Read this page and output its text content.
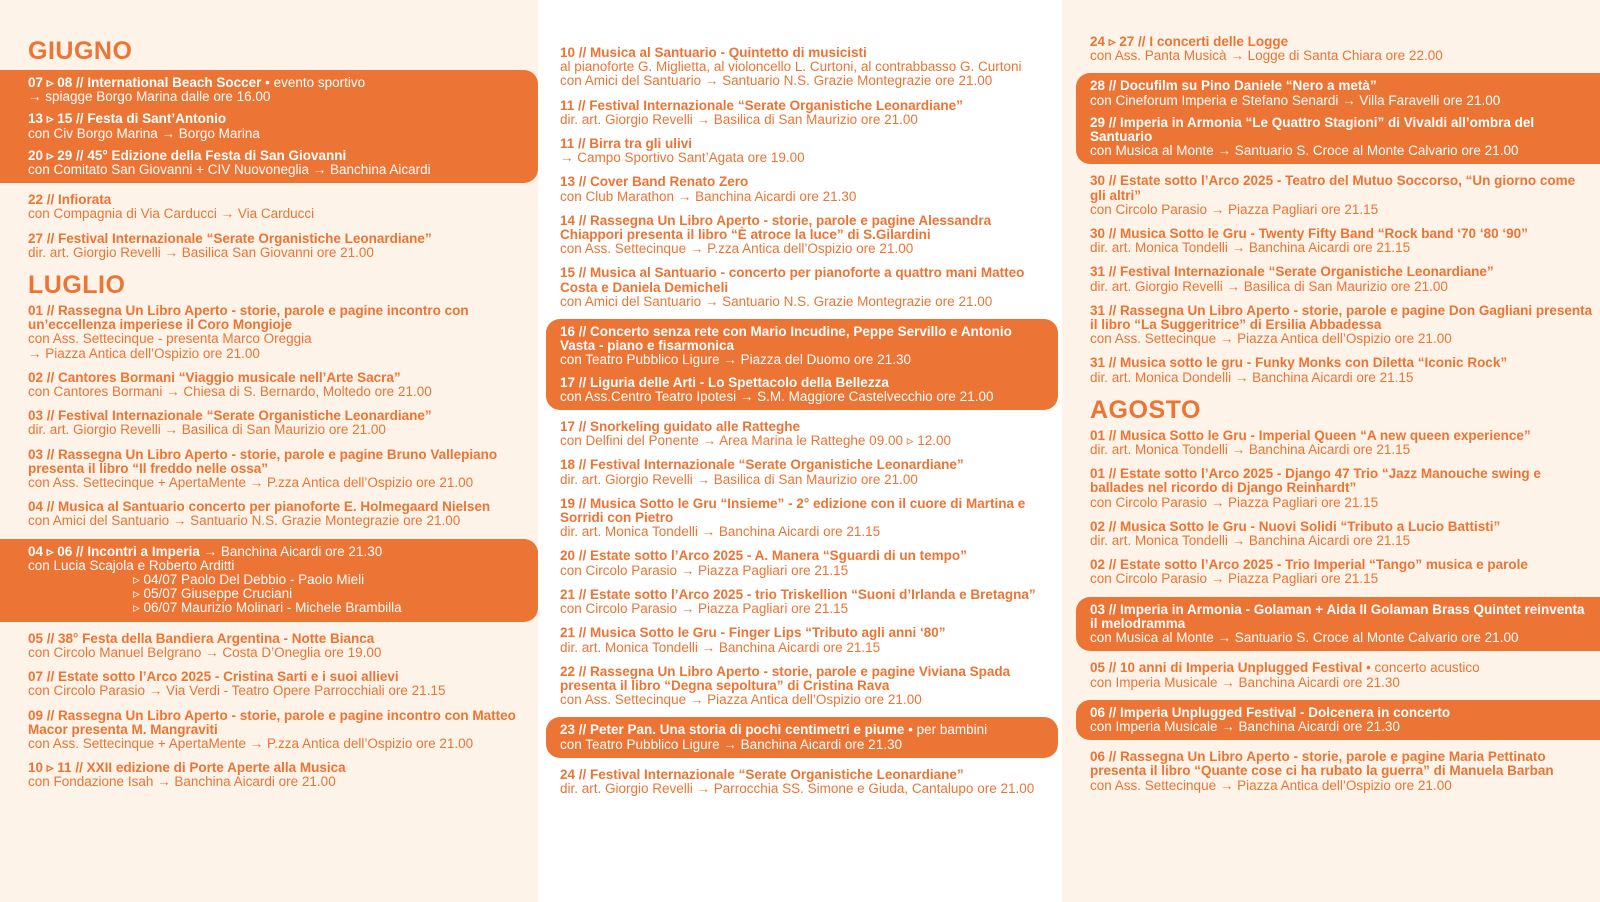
GIUGNO
07 ▹ 08 // International Beach Soccer • evento sportivo
→ spiagge Borgo Marina dalle ore 16.00
13 ▹ 15 // Festa di Sant’Antonio
con Civ Borgo Marina → Borgo Marina
20 ▹ 29 // 45° Edizione della Festa di San Giovanni
con Comitato San Giovanni + CIV Nuovoneglia → Banchina Aicardi
22 // Infiorata
con Compagnia di Via Carducci → Via Carducci
27 // Festival Internazionale “Serate Organistiche Leonardiane”
dir. art. Giorgio Revelli → Basilica San Giovanni ore 21.00
LUGLIO
01 // Rassegna Un Libro Aperto - storie, parole e pagine incontro con un’eccellenza imperiese il Coro Mongioje
con Ass. Settecinque - presenta Marco Oreggia
→ Piazza Antica dell’Ospizio ore 21.00
02 // Cantores Bormani “Viaggio musicale nell’Arte Sacra”
con Cantores Bormani → Chiesa di S. Bernardo, Moltedo ore 21.00
03 // Festival Internazionale “Serate Organistiche Leonardiane”
dir. art. Giorgio Revelli → Basilica di San Maurizio ore 21.00
03 // Rassegna Un Libro Aperto - storie, parole e pagine Bruno Vallepiano presenta il libro “Il freddo nelle ossa”
con Ass. Settecinque + ApertaMente → P.zza Antica dell’Ospizio ore 21.00
04 // Musica al Santuario concerto per pianoforte E. Holmegaard Nielsen
con Amici del Santuario → Santuario N.S. Grazie Montegrazie ore 21.00
04 ▹ 06 // Incontri a Imperia → Banchina Aicardi ore 21.30
con Lucia Scajola e Roberto Arditti
▹ 04/07 Paolo Del Debbio - Paolo Mieli
▹ 05/07 Giuseppe Cruciani
▹ 06/07 Maurizio Molinari - Michele Brambilla
05 // 38° Festa della Bandiera Argentina - Notte Bianca
con Circolo Manuel Belgrano → Costa D’Oneglia ore 19.00
07 // Estate sotto l’Arco 2025 - Cristina Sarti e i suoi allievi
con Circolo Parasio → Via Verdi - Teatro Opere Parrocchiali ore 21.15
09 // Rassegna Un Libro Aperto - storie, parole e pagine incontro con Matteo Macor presenta M. Mangraviti
con Ass. Settecinque + ApertaMente → P.zza Antica dell’Ospizio ore 21.00
10 ▹ 11 // XXII edizione di Porte Aperte alla Musica
con Fondazione Isah → Banchina Aicardi ore 21.00
10 // Musica al Santuario - Quintetto di musicisti
al pianoforte G. Miglietta, al violoncello L. Curtoni, al contrabbasso G. Curtoni
con Amici del Santuario → Santuario N.S. Grazie Montegrazie ore 21.00
11 // Festival Internazionale “Serate Organistiche Leonardiane”
dir. art. Giorgio Revelli → Basilica di San Maurizio ore 21.00
11 // Birra tra gli ulivi
→ Campo Sportivo Sant’Agata ore 19.00
13 // Cover Band Renato Zero
con Club Marathon → Banchina Aicardi ore 21.30
14 // Rassegna Un Libro Aperto - storie, parole e pagine Alessandra Chiappori presenta il libro “È atroce la luce” di S.Gilardini
con Ass. Settecinque → P.zza Antica dell’Ospizio ore 21.00
15 // Musica al Santuario - concerto per pianoforte a quattro mani Matteo Costa e Daniela Demicheli
con Amici del Santuario → Santuario N.S. Grazie Montegrazie ore 21.00
16 // Concerto senza rete con Mario Incudine, Peppe Servillo e Antonio Vasta - piano e fisarmonica
con Teatro Pubblico Ligure → Piazza del Duomo ore 21.30
17 // Liguria delle Arti - Lo Spettacolo della Bellezza
con Ass.Centro Teatro Ipotesi → S.M. Maggiore Castelvecchio ore 21.00
17 // Snorkeling guidato alle Ratteghe
con Delfini del Ponente → Area Marina le Ratteghe 09.00 ▹ 12.00
18 // Festival Internazionale “Serate Organistiche Leonardiane”
dir. art. Giorgio Revelli → Basilica di San Maurizio ore 21.00
19 // Musica Sotto le Gru “Insieme” - 2° edizione con il cuore di Martina e Sorridi con Pietro
dir. art. Monica Tondelli → Banchina Aicardi ore 21.15
20 // Estate sotto l’Arco 2025 - A. Manera “Sguardi di un tempo”
con Circolo Parasio → Piazza Pagliari ore 21.15
21 // Estate sotto l’Arco 2025 - trio Triskellion “Suoni d’Irlanda e Bretagna”
con Circolo Parasio → Piazza Pagliari ore 21.15
21 // Musica Sotto le Gru - Finger Lips “Tributo agli anni ‘80”
dir. art. Monica Tondelli → Banchina Aicardi ore 21.15
22 // Rassegna Un Libro Aperto - storie, parole e pagine Viviana Spada presenta il libro “Degna sepoltura” di Cristina Rava
con Ass. Settecinque → Piazza Antica dell’Ospizio ore 21.00
23 // Peter Pan. Una storia di pochi centimetri e piume • per bambini
con Teatro Pubblico Ligure → Banchina Aicardi ore 21.30
24 // Festival Internazionale “Serate Organistiche Leonardiane”
dir. art. Giorgio Revelli → Parrocchia SS. Simone e Giuda, Cantalupo ore 21.00
24 ▹ 27 // I concerti delle Logge
con Ass. Panta Musicà → Logge di Santa Chiara ore 22.00
28 // Docufilm su Pino Daniele “Nero a metà”
con Cineforum Imperia e Stefano Senardi → Villa Faravelli ore 21.00
29 // Imperia in Armonia “Le Quattro Stagioni” di Vivaldi all’ombra del Santuario
con Musica al Monte → Santuario S. Croce al Monte Calvario ore 21.00
30 // Estate sotto l’Arco 2025 - Teatro del Mutuo Soccorso, “Un giorno come gli altri”
con Circolo Parasio → Piazza Pagliari ore 21.15
30 // Musica Sotto le Gru - Twenty Fifty Band “Rock band ‘70 ‘80 ‘90”
dir. art. Monica Tondelli → Banchina Aicardi ore 21.15
31 // Festival Internazionale “Serate Organistiche Leonardiane”
dir. art. Giorgio Revelli → Basilica di San Maurizio ore 21.00
31 // Rassegna Un Libro Aperto - storie, parole e pagine Don Gagliani presenta il libro “La Suggeritrice” di Ersilia Abbadessa
con Ass. Settecinque → Piazza Antica dell’Ospizio ore 21.00
31 // Musica sotto le gru - Funky Monks con Diletta “Iconic Rock”
dir. art. Monica Dondelli → Banchina Aicardi ore 21.15
AGOSTO
01 // Musica Sotto le Gru - Imperial Queen “A new queen experience”
dir. art. Monica Tondelli → Banchina Aicardi ore 21.15
01 // Estate sotto l’Arco 2025 - Django 47 Trio “Jazz Manouche swing e ballades nel ricordo di Django Reinhardt”
con Circolo Parasio → Piazza Pagliari ore 21.15
02 // Musica Sotto le Gru - Nuovi Solidi “Tributo a Lucio Battisti”
dir. art. Monica Tondelli → Banchina Aicardi ore 21.15
02 // Estate sotto l’Arco 2025 - Trio Imperial “Tango” musica e parole
con Circolo Parasio → Piazza Pagliari ore 21.15
03 // Imperia in Armonia - Golaman + Aida Il Golaman Brass Quintet reinventa il melodramma
con Musica al Monte → Santuario S. Croce al Monte Calvario ore 21.00
05 // 10 anni di Imperia Unplugged Festival • concerto acustico
con Imperia Musicale → Banchina Aicardi ore 21.30
06 // Imperia Unplugged Festival - Dolcenera in concerto
con Imperia Musicale → Banchina Aicardi ore 21.30
06 // Rassegna Un Libro Aperto - storie, parole e pagine Maria Pettinato presenta il libro “Quante cose ci ha rubato la guerra” di Manuela Barban
con Ass. Settecinque → Piazza Antica dell’Ospizio ore 21.00
